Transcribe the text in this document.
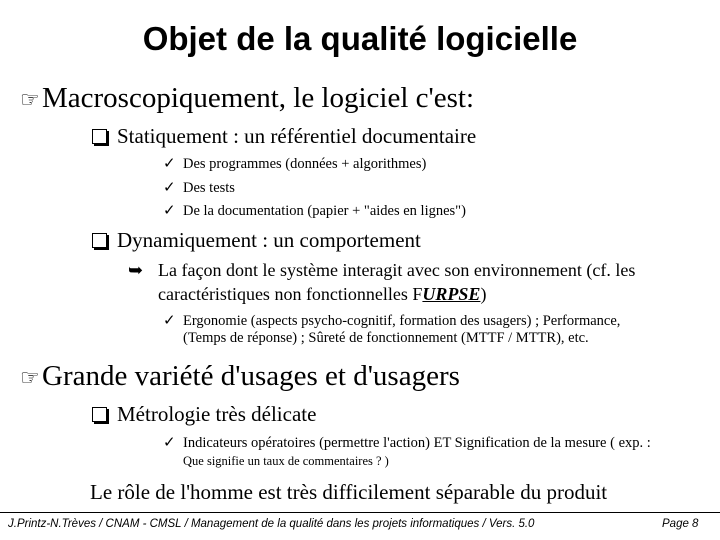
Objet de la qualité logicielle
☞Macroscopiquement, le logiciel c'est:
Statiquement : un référentiel documentaire
✓ Des programmes (données + algorithmes)
✓ Des tests
✓ De la documentation (papier + "aides en lignes")
Dynamiquement : un comportement
➥ La façon dont le système interagit avec son environnement (cf. les
caractéristiques non fonctionnelles FURPSE)
✓ Ergonomie (aspects psycho-cognitif, formation des usagers) ; Performance,
(Temps de réponse) ; Sûreté de fonctionnement (MTTF / MTTR), etc.
☞Grande variété d'usages et d'usagers
Métrologie très délicate
✓ Indicateurs opératoires (permettre l'action) ET Signification de la mesure ( exp. :
Que signifie un taux de commentaires ? )
Le rôle de l'homme est très difficilement séparable du produit
J.Printz-N.Trèves / CNAM - CMSL / Management de la qualité dans les projets informatiques / Vers. 5.0	Page 8
